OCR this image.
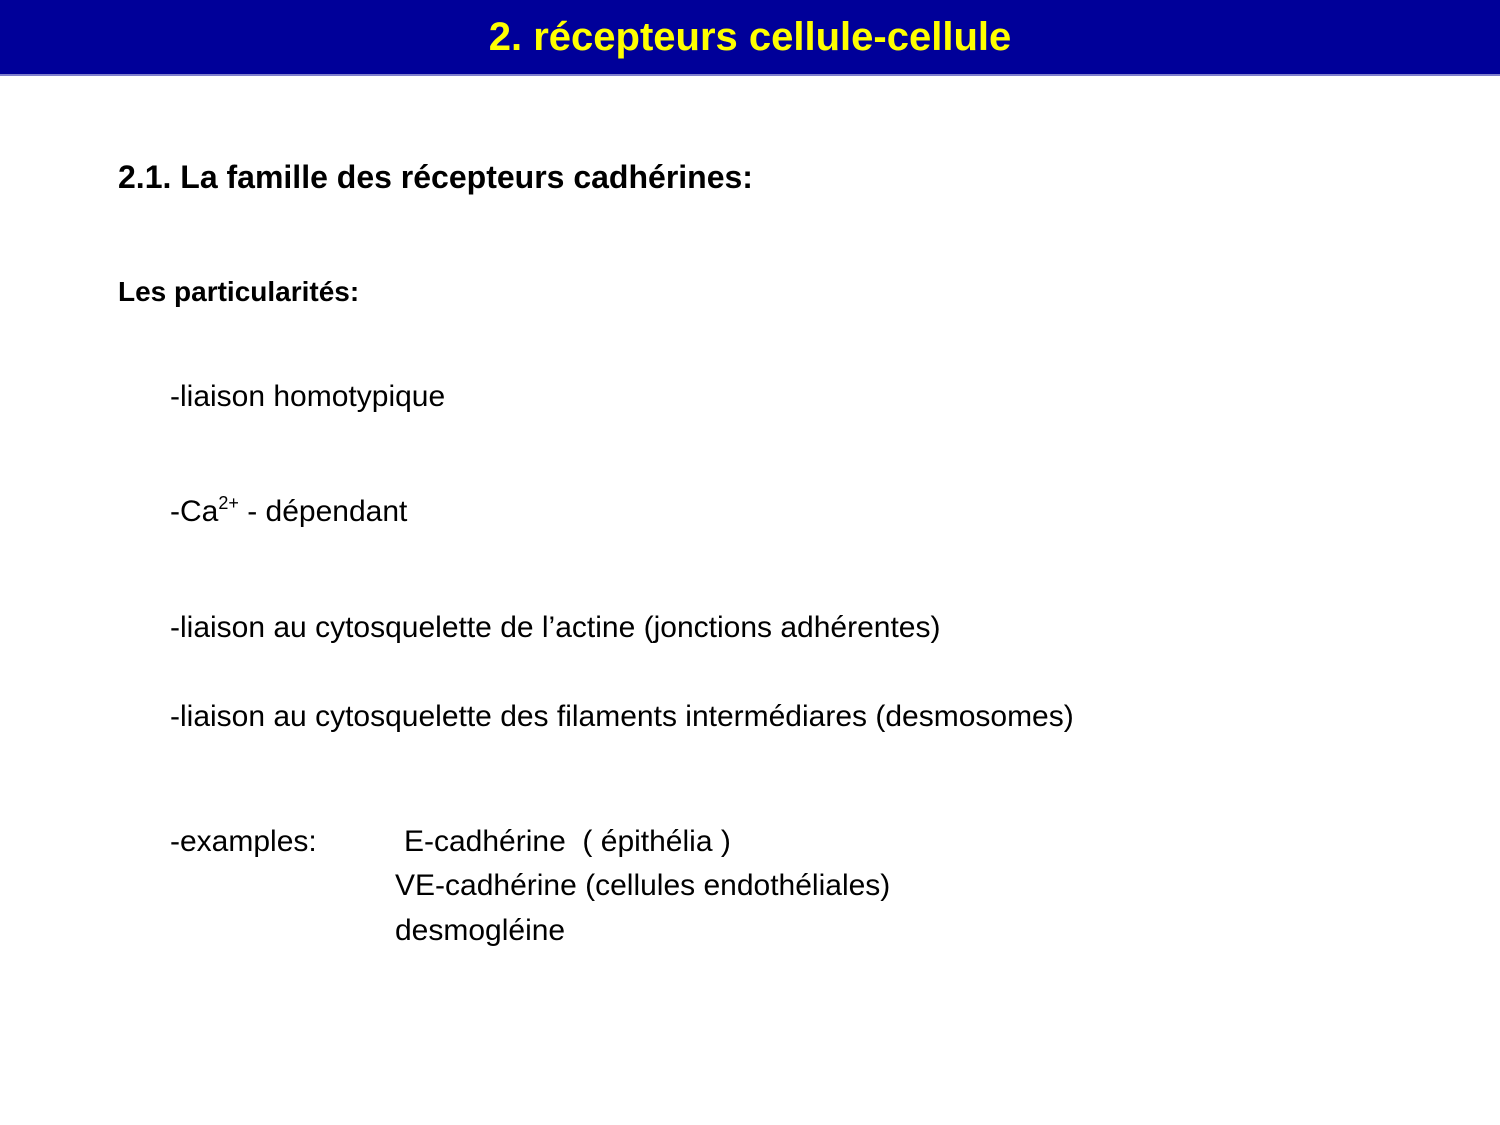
2. récepteurs cellule-cellule
2.1. La famille des récepteurs cadhérines:
Les particularités:
-liaison homotypique
$-Ca^{2+}$ - dépendant
-liaison au cytosquelette de l’actine (jonctions adhérentes)
-liaison au cytosquelette des filaments intermédiares (desmosomes)
-examples:	E-cadhérine  ( épithélia )
VE-cadhérine (cellules endothéliales)
desmogléine
